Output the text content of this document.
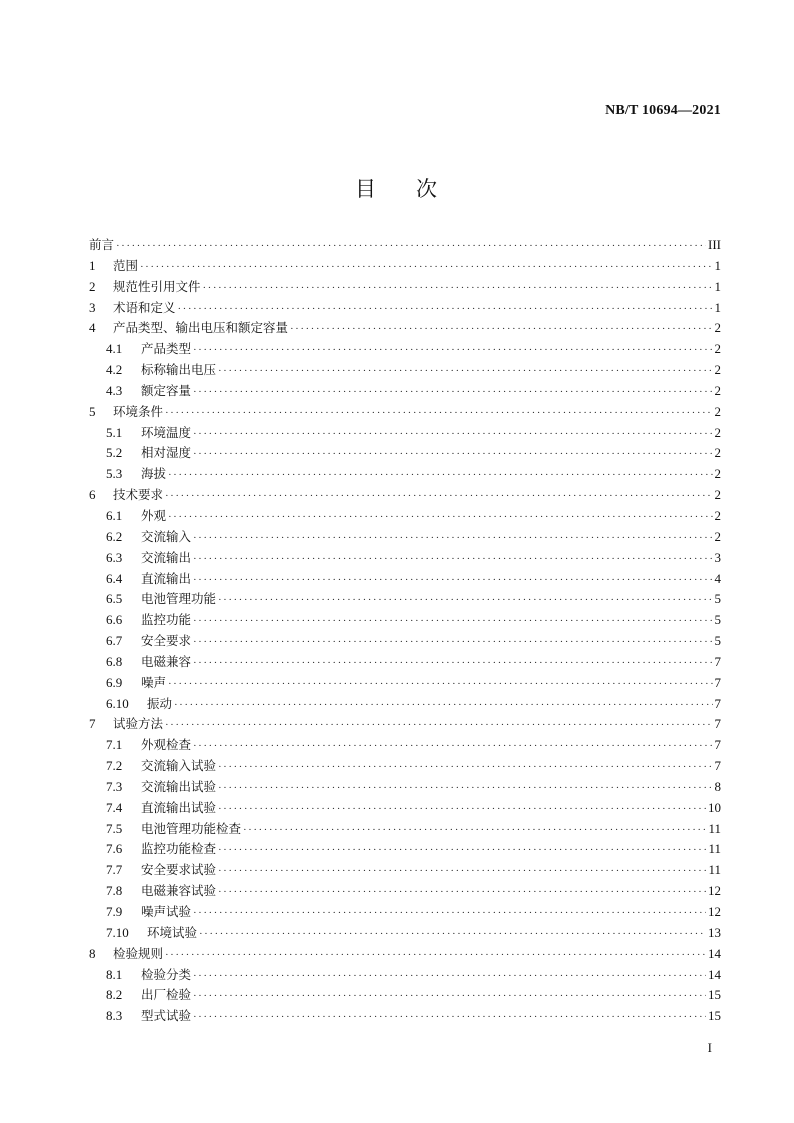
NB/T 10694—2021
目 次
前言 ·····	III
1	范围 ·····	1
2	规范性引用文件 ·····	1
3	术语和定义 ·····	1
4	产品类型、输出电压和额定容量 ·····	2
4.1	产品类型 ·····	2
4.2	标称输出电压 ·····	2
4.3	额定容量 ·····	2
5	环境条件 ·····	2
5.1	环境温度 ·····	2
5.2	相对湿度 ·····	2
5.3	海拔 ·····	2
6	技术要求 ·····	2
6.1	外观 ·····	2
6.2	交流输入 ·····	2
6.3	交流输出 ·····	3
6.4	直流输出 ·····	4
6.5	电池管理功能 ·····	5
6.6	监控功能 ·····	5
6.7	安全要求 ·····	5
6.8	电磁兼容 ·····	7
6.9	噪声 ·····	7
6.10	振动 ·····	7
7	试验方法 ·····	7
7.1	外观检查 ·····	7
7.2	交流输入试验 ·····	7
7.3	交流输出试验 ·····	8
7.4	直流输出试验 ·····	10
7.5	电池管理功能检查 ·····	11
7.6	监控功能检查 ·····	11
7.7	安全要求试验 ·····	11
7.8	电磁兼容试验 ·····	12
7.9	噪声试验 ·····	12
7.10	环境试验 ·····	13
8	检验规则 ·····	14
8.1	检验分类 ·····	14
8.2	出厂检验 ·····	15
8.3	型式试验 ·····	15
I
